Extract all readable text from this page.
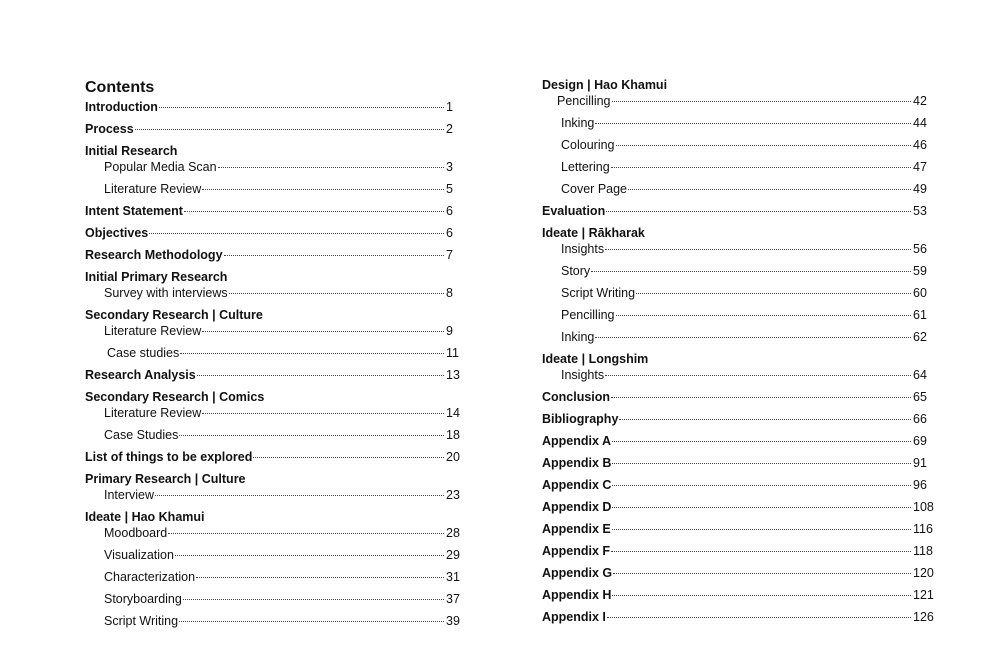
Contents
Introduction	1
Process	2
Initial Research
Popular Media Scan	3
Literature Review	5
Intent Statement	6
Objectives	6
Research Methodology	7
Initial Primary Research
Survey with interviews	8
Secondary Research | Culture
Literature Review	9
Case studies	11
Research Analysis	13
Secondary Research | Comics
Literature Review	14
Case Studies	18
List of things to be explored	20
Primary Research | Culture
Interview	23
Ideate | Hao Khamui
Moodboard	28
Visualization	29
Characterization	31
Storyboarding	37
Script Writing	39
Design | Hao Khamui
Pencilling	42
Inking	44
Colouring	46
Lettering	47
Cover Page	49
Evaluation	53
Ideate | Rākharak
Insights	56
Story	59
Script Writing	60
Pencilling	61
Inking	62
Ideate | Longshim
Insights	64
Conclusion	65
Bibliography	66
Appendix A	69
Appendix B	91
Appendix C	96
Appendix D	108
Appendix E	116
Appendix F	118
Appendix G	120
Appendix H	121
Appendix I	126
